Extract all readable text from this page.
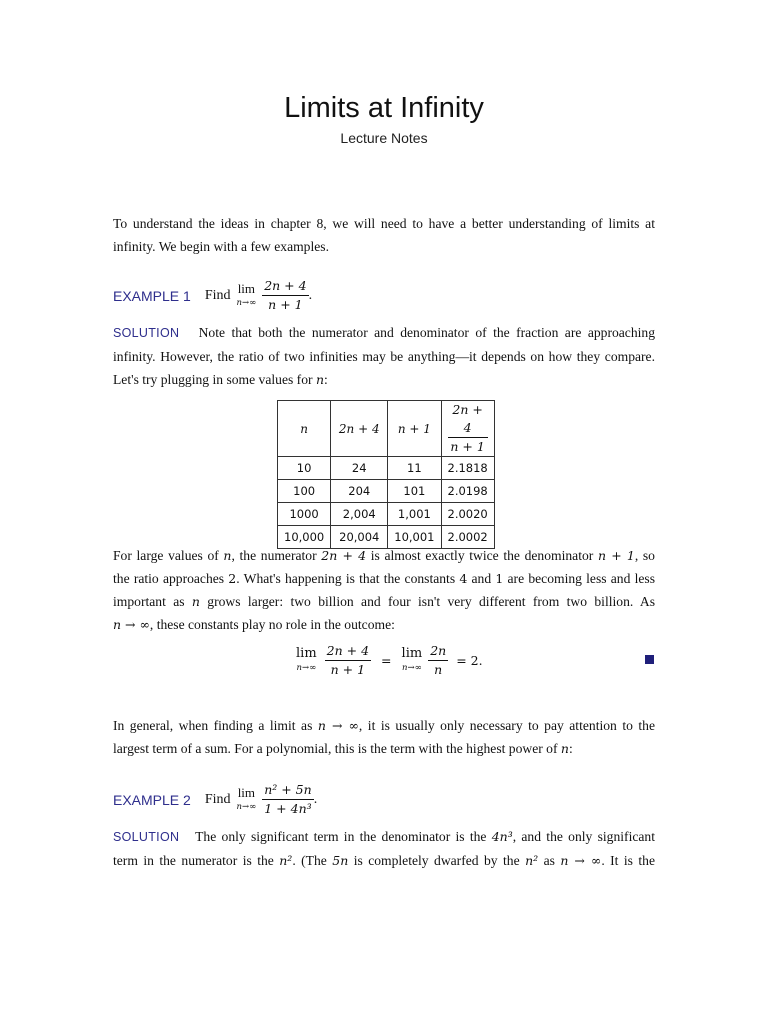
Limits at Infinity
Lecture Notes
To understand the ideas in chapter 8, we will need to have a better understanding of limits at
infinity. We begin with a few examples.
EXAMPLE 1 Find lim
$n\to\infty \frac{2n + 4}{n + 1}$ .
SOLUTION Note that both the numerator and denominator of the fraction are approaching
infinity. However, the ratio of two infinities may be anything—it depends on how they compare.
Let's try plugging in some values for n:
n	2n + 4	n + 1	$\frac{2n + 4}{n + 1}$

10	24	11	2.1818
100	204	101	2.0198
1000	2,004	1,001	2.0020
10,000	20,004	10,001	2.0002
For large values of n, the numerator 2n + 4 is almost exactly twice the denominator n + 1, so
the ratio approaches 2. What's happening is that the constants 4 and 1 are becoming less and less
important as n grows larger: two billion and four isn't very different from two billion. As
n → ∞, these constants play no role in the outcome:
lim
$n\to\infty \frac{2n + 4}{n + 1} = \lim$
$n\to\infty \frac{2n}{n} = 2$.
In general, when finding a limit as n → ∞, it is usually only necessary to pay attention to the
largest term of a sum. For a polynomial, this is the term with the highest power of n:
EXAMPLE 2 Find lim
$n\to\infty \frac{\text{n² + 5n}}{\text{1 + 4n³}}$ .
SOLUTION The only significant term in the denominator is the 4n³, and the only significant
term in the numerator is the n². (The 5n is completely dwarfed by the n² as n → ∞. It is the
